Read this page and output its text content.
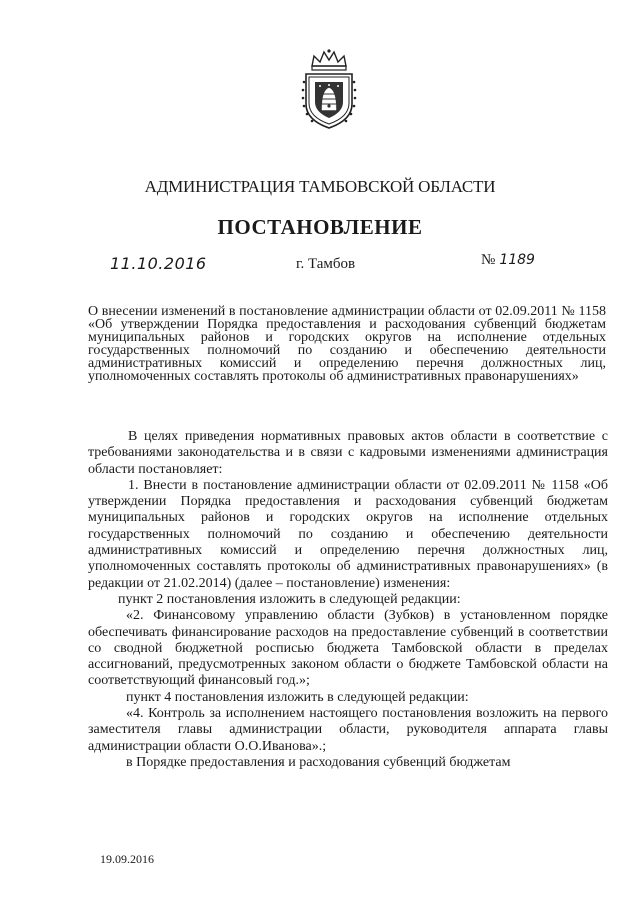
АДМИНИСТРАЦИЯ ТАМБОВСКОЙ ОБЛАСТИ
ПОСТАНОВЛЕНИЕ
11.10.2016	г. Тамбов	№ 1189
О внесении изменений в постановление администрации области от 02.09.2011 № 1158 «Об утверждении Порядка предоставления и расходования субвенций бюджетам муниципальных районов и городских округов на исполнение отдельных государственных полномочий по созданию и обеспечению деятельности административных комиссий и определению перечня должностных лиц, уполномоченных составлять протоколы об административных правонарушениях»

В целях приведения нормативных правовых актов области в соответствие с требованиями законодательства и в связи с кадровыми изменениями администрация области постановляет:

1. Внести в постановление администрации области от 02.09.2011 № 1158 «Об утверждении Порядка предоставления и расходования субвенций бюджетам муниципальных районов и городских округов на исполнение отдельных государственных полномочий по созданию и обеспечению деятельности административных комиссий и определению перечня должностных лиц, уполномоченных составлять протоколы об административных правонарушениях» (в редакции от 21.02.2014) (далее – постановление) изменения:

пункт 2 постановления изложить в следующей редакции:

«2. Финансовому управлению области (Зубков) в установленном порядке обеспечивать финансирование расходов на предоставление субвенций в соответствии со сводной бюджетной росписью бюджета Тамбовской области в пределах ассигнований, предусмотренных законом области о бюджете Тамбовской области на соответствующий финансовый год.»;

пункт 4 постановления изложить в следующей редакции:

«4. Контроль за исполнением настоящего постановления возложить на первого заместителя главы администрации области, руководителя аппарата главы администрации области О.О.Иванова».;

в Порядке предоставления и расходования субвенций бюджетам

19.09.2016
